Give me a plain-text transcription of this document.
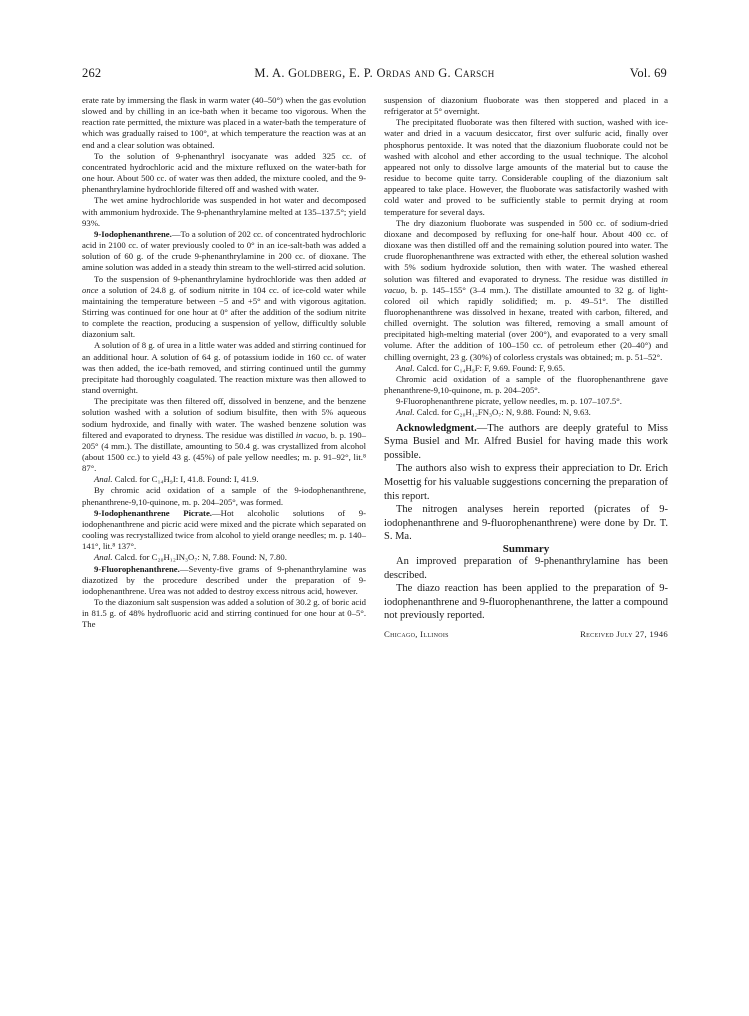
262	M. A. Goldberg, E. P. Ordas and G. Carsch	Vol. 69

erate rate by immersing the flask in warm water (40–50°) when the gas evolution slowed and by chilling in an ice-bath when it became too vigorous. When the reaction rate permitted, the mixture was placed in a water-bath the temperature of which was gradually raised to 100°, at which temperature the reaction was at an end and a clear solution was obtained.

To the solution of 9-phenanthryl isocyanate was added 325 cc. of concentrated hydrochloric acid and the mixture refluxed on the water-bath for one hour. About 500 cc. of water was then added, the mixture cooled, and the 9-phenanthrylamine hydrochloride filtered off and washed with water.

The wet amine hydrochloride was suspended in hot water and decomposed with ammonium hydroxide. The 9-phenanthrylamine melted at 135–137.5°; yield 93%.

9-Iodophenanthrene.—To a solution of 202 cc. of concentrated hydrochloric acid in 2100 cc. of water previously cooled to 0° in an ice-salt-bath was added a solution of 60 g. of the crude 9-phenanthrylamine in 200 cc. of dioxane. The amine solution was added in a steady thin stream to the well-stirred acid solution.

To the suspension of 9-phenanthrylamine hydrochloride was then added at once a solution of 24.8 g. of sodium nitrite in 104 cc. of ice-cold water while maintaining the temperature between −5 and +5° and with vigorous agitation. Stirring was continued for one hour at 0° after the addition of the sodium nitrite to complete the reaction, producing a suspension of yellow, difficultly soluble diazonium salt.

A solution of 8 g. of urea in a little water was added and stirring continued for an additional hour. A solution of 64 g. of potassium iodide in 160 cc. of water was then added, the ice-bath removed, and stirring continued until the gummy precipitate had thoroughly coagulated. The reaction mixture was then allowed to stand overnight.

The precipitate was then filtered off, dissolved in benzene, and the benzene solution washed with a solution of sodium bisulfite, then with 5% aqueous sodium hydroxide, and finally with water. The washed benzene solution was filtered and evaporated to dryness. The residue was distilled in vacuo, b. p. 190–205° (4 mm.). The distillate, amounting to 50.4 g. was crystallized from alcohol (about 1500 cc.) to yield 43 g. (45%) of pale yellow needles; m. p. 91–92°, lit.⁸ 87°.

Anal. Calcd. for C₁₄H₉I: I, 41.8. Found: I, 41.9.

By chromic acid oxidation of a sample of the 9-iodophenanthrene, phenanthrene-9,10-quinone, m. p. 204–205°, was formed.

9-Iodophenanthrene Picrate.—Hot alcoholic solutions of 9-iodophenanthrene and picric acid were mixed and the picrate which separated on cooling was recrystallized twice from alcohol to yield orange needles; m. p. 140–141°, lit.⁸ 137°.

Anal. Calcd. for C₂₀H₁₂IN₃O₇: N, 7.88. Found: N, 7.80.

9-Fluorophenanthrene.—Seventy-five grams of 9-phenanthrylamine was diazotized by the procedure described under the preparation of 9-iodophenanthrene. Urea was not added to destroy excess nitrous acid, however.

To the diazonium salt suspension was added a solution of 30.2 g. of boric acid in 81.5 g. of 48% hydrofluoric acid and stirring continued for one hour at 0–5°. The

suspension of diazonium fluoborate was then stoppered and placed in a refrigerator at 5° overnight.

The precipitated fluoborate was then filtered with suction, washed with ice-water and dried in a vacuum desiccator, first over sulfuric acid, finally over phosphorus pentoxide. It was noted that the diazonium fluoborate could not be washed with alcohol and ether according to the usual technique. The alcohol appeared not only to dissolve large amounts of the material but to cause the residue to become quite tarry. Considerable coupling of the diazonium salt appeared to take place. However, the fluoborate was satisfactorily washed with cold water and proved to be sufficiently stable to permit drying at room temperature for several days.

The dry diazonium fluoborate was suspended in 500 cc. of sodium-dried dioxane and decomposed by refluxing for one-half hour. About 400 cc. of dioxane was then distilled off and the remaining solution poured into water. The crude fluorophenanthrene was extracted with ether, the ethereal solution washed with 5% sodium hydroxide solution, then with water. The washed ethereal solution was filtered and evaporated to dryness. The residue was distilled in vacuo, b. p. 145–155° (3–4 mm.). The distillate amounted to 32 g. of light-colored oil which rapidly solidified; m. p. 49–51°. The distilled fluorophenanthrene was dissolved in hexane, treated with carbon, filtered, and chilled overnight. The solution was filtered, removing a small amount of precipitated high-melting material (over 200°), and evaporated to a very small volume. After the addition of 100–150 cc. of petroleum ether (20–40°) and chilling overnight, 23 g. (30%) of colorless crystals was obtained; m. p. 51–52°.

Anal. Calcd. for C₁₄H₉F: F, 9.69. Found: F, 9.65.

Chromic acid oxidation of a sample of the fluorophenanthrene gave phenanthrene-9,10-quinone, m. p. 204–205°.

9-Fluorophenanthrene picrate, yellow needles, m. p. 107–107.5°.

Anal. Calcd. for C₂₀H₁₂FN₃O₇: N, 9.88. Found: N, 9.63.

Acknowledgment.—The authors are deeply grateful to Miss Syma Busiel and Mr. Alfred Busiel for having made this work possible.

The authors also wish to express their appreciation to Dr. Erich Mosettig for his valuable suggestions concerning the preparation of this report.

The nitrogen analyses herein reported (picrates of 9-iodophenanthrene and 9-fluorophenanthrene) were done by Dr. T. S. Ma.

Summary

An improved preparation of 9-phenanthrylamine has been described.

The diazo reaction has been applied to the preparation of 9-iodophenanthrene and 9-fluorophenanthrene, the latter a compound not previously reported.

Chicago, Illinois	Received July 27, 1946
